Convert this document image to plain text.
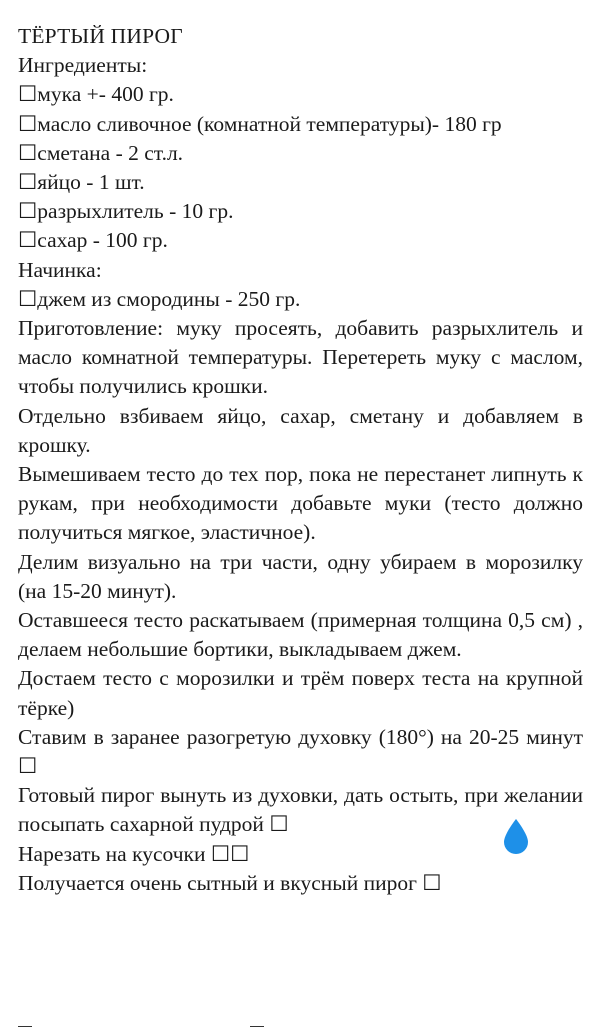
ТЁРТЫЙ ПИРОГ
Ингредиенты:
☐мука +- 400 гр.
☐масло сливочное (комнатной температуры)- 180 гр
☐сметана - 2 ст.л.
☐яйцо - 1 шт.
☐разрыхлитель - 10 гр.
☐сахар - 100 гр.
Начинка:
☐джем из смородины - 250 гр.
Приготовление: муку просеять, добавить разрыхлитель и масло комнатной температуры. Перетереть муку с маслом, чтобы получились крошки.
Отдельно взбиваем яйцо, сахар, сметану и добавляем в крошку.
Вымешиваем тесто до тех пор, пока не перестанет липнуть к рукам, при необходимости добавьте муки (тесто должно получиться мягкое, эластичное).
Делим визуально на три части, одну убираем в морозилку (на 15-20 минут).
Оставшееся тесто раскатываем (примерная толщина 0,5 см) , делаем небольшие бортики, выкладываем джем.
Достаем тесто с морозилки и трём поверх теста на крупной тёрке)
Ставим в заранее разогретую духовку (180°) на 20-25 минут ☐
Готовый пирог вынуть из духовки, дать остыть, при желании посыпать сахарной пудрой ☐
Нарезать на кусочки ☐☐
Получается очень сытный и вкусный пирог ☐
